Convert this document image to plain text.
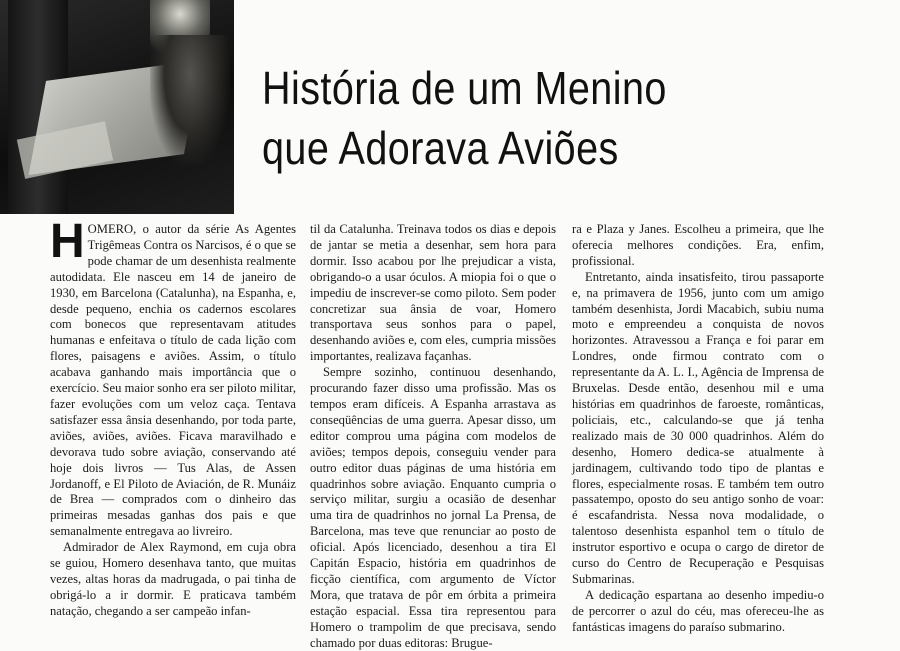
História de um Menino
que Adorava Aviões

HOMERO, o autor da série As Agentes Trigêmeas Contra os Narcisos, é o que se pode chamar de um desenhista realmente autodidata. Ele nasceu em 14 de janeiro de 1930, em Barcelona (Catalunha), na Espanha, e, desde pequeno, enchia os cadernos escolares com bonecos que representavam atitudes humanas e enfeitava o título de cada lição com flores, paisagens e aviões. Assim, o título acabava ganhando mais importância que o exercício. Seu maior sonho era ser piloto militar, fazer evoluções com um veloz caça. Tentava satisfazer essa ânsia desenhando, por toda parte, aviões, aviões, aviões. Ficava maravilhado e devorava tudo sobre aviação, conservando até hoje dois livros — Tus Alas, de Assen Jordanoff, e El Piloto de Aviación, de R. Munáiz de Brea — comprados com o dinheiro das primeiras mesadas ganhas dos pais e que semanalmente entregava ao livreiro.

Admirador de Alex Raymond, em cuja obra se guiou, Homero desenhava tanto, que muitas vezes, altas horas da madrugada, o pai tinha de obrigá-lo a ir dormir. E praticava também natação, chegando a ser campeão infan-

til da Catalunha. Treinava todos os dias e depois de jantar se metia a desenhar, sem hora para dormir. Isso acabou por lhe prejudicar a vista, obrigando-o a usar óculos. A miopia foi o que o impediu de inscrever-se como piloto. Sem poder concretizar sua ânsia de voar, Homero transportava seus sonhos para o papel, desenhando aviões e, com eles, cumpria missões importantes, realizava façanhas.

Sempre sozinho, continuou desenhando, procurando fazer disso uma profissão. Mas os tempos eram difíceis. A Espanha arrastava as conseqüências de uma guerra. Apesar disso, um editor comprou uma página com modelos de aviões; tempos depois, conseguiu vender para outro editor duas páginas de uma história em quadrinhos sobre aviação. Enquanto cumpria o serviço militar, surgiu a ocasião de desenhar uma tira de quadrinhos no jornal La Prensa, de Barcelona, mas teve que renunciar ao posto de oficial. Após licenciado, desenhou a tira El Capitán Espacio, história em quadrinhos de ficção científica, com argumento de Víctor Mora, que tratava de pôr em órbita a primeira estação espacial. Essa tira representou para Homero o trampolim de que precisava, sendo chamado por duas editoras: Brugue-

ra e Plaza y Janes. Escolheu a primeira, que lhe oferecia melhores condições. Era, enfim, profissional.

Entretanto, ainda insatisfeito, tirou passaporte e, na primavera de 1956, junto com um amigo também desenhista, Jordi Macabich, subiu numa moto e empreendeu a conquista de novos horizontes. Atravessou a França e foi parar em Londres, onde firmou contrato com o representante da A. L. I., Agência de Imprensa de Bruxelas. Desde então, desenhou mil e uma histórias em quadrinhos de faroeste, românticas, policiais, etc., calculando-se que já tenha realizado mais de 30 000 quadrinhos. Além do desenho, Homero dedica-se atualmente à jardinagem, cultivando todo tipo de plantas e flores, especialmente rosas. E também tem outro passatempo, oposto do seu antigo sonho de voar: é escafandrista. Nessa nova modalidade, o talentoso desenhista espanhol tem o título de instrutor esportivo e ocupa o cargo de diretor de curso do Centro de Recuperação e Pesquisas Submarinas.

A dedicação espartana ao desenho impediu-o de percorrer o azul do céu, mas ofereceu-lhe as fantásticas imagens do paraíso submarino.
